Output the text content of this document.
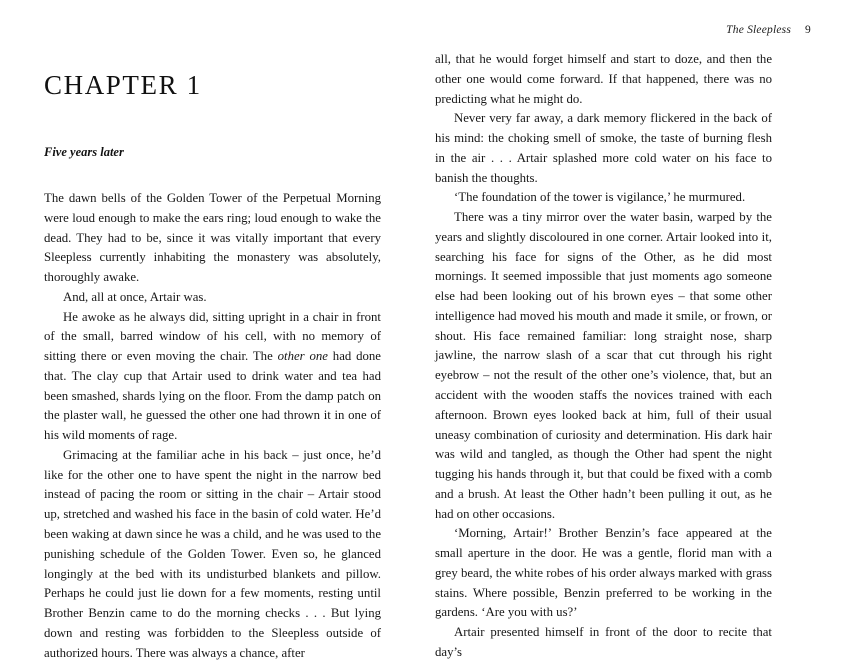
The Sleepless 9
CHAPTER 1
Five years later

The dawn bells of the Golden Tower of the Perpetual Morning were loud enough to make the ears ring; loud enough to wake the dead. They had to be, since it was vitally important that every Sleepless currently inhabiting the monastery was absolutely, thoroughly awake.

And, all at once, Artair was.

He awoke as he always did, sitting upright in a chair in front of the small, barred window of his cell, with no memory of sitting there or even moving the chair. The other one had done that. The clay cup that Artair used to drink water and tea had been smashed, shards lying on the floor. From the damp patch on the plaster wall, he guessed the other one had thrown it in one of his wild moments of rage.

Grimacing at the familiar ache in his back – just once, he’d like for the other one to have spent the night in the narrow bed instead of pacing the room or sitting in the chair – Artair stood up, stretched and washed his face in the basin of cold water. He’d been waking at dawn since he was a child, and he was used to the punishing schedule of the Golden Tower. Even so, he glanced longingly at the bed with its undisturbed blankets and pillow. Perhaps he could just lie down for a few moments, resting until Brother Benzin came to do the morning checks . . . But lying down and resting was forbidden to the Sleepless outside of authorized hours. There was always a chance, after

all, that he would forget himself and start to doze, and then the other one would come forward. If that happened, there was no predicting what he might do.

Never very far away, a dark memory flickered in the back of his mind: the choking smell of smoke, the taste of burning flesh in the air . . . Artair splashed more cold water on his face to banish the thoughts.

‘The foundation of the tower is vigilance,’ he murmured.

There was a tiny mirror over the water basin, warped by the years and slightly discoloured in one corner. Artair looked into it, searching his face for signs of the Other, as he did most mornings. It seemed impossible that just moments ago someone else had been looking out of his brown eyes – that some other intelligence had moved his mouth and made it smile, or frown, or shout. His face remained familiar: long straight nose, sharp jawline, the narrow slash of a scar that cut through his right eyebrow – not the result of the other one’s violence, that, but an accident with the wooden staffs the novices trained with each afternoon. Brown eyes looked back at him, full of their usual uneasy combination of curiosity and determination. His dark hair was wild and tangled, as though the Other had spent the night tugging his hands through it, but that could be fixed with a comb and a brush. At least the Other hadn’t been pulling it out, as he had on other occasions.

‘Morning, Artair!’ Brother Benzin’s face appeared at the small aperture in the door. He was a gentle, florid man with a grey beard, the white robes of his order always marked with grass stains. Where possible, Benzin preferred to be working in the gardens. ‘Are you with us?’

Artair presented himself in front of the door to recite that day’s
